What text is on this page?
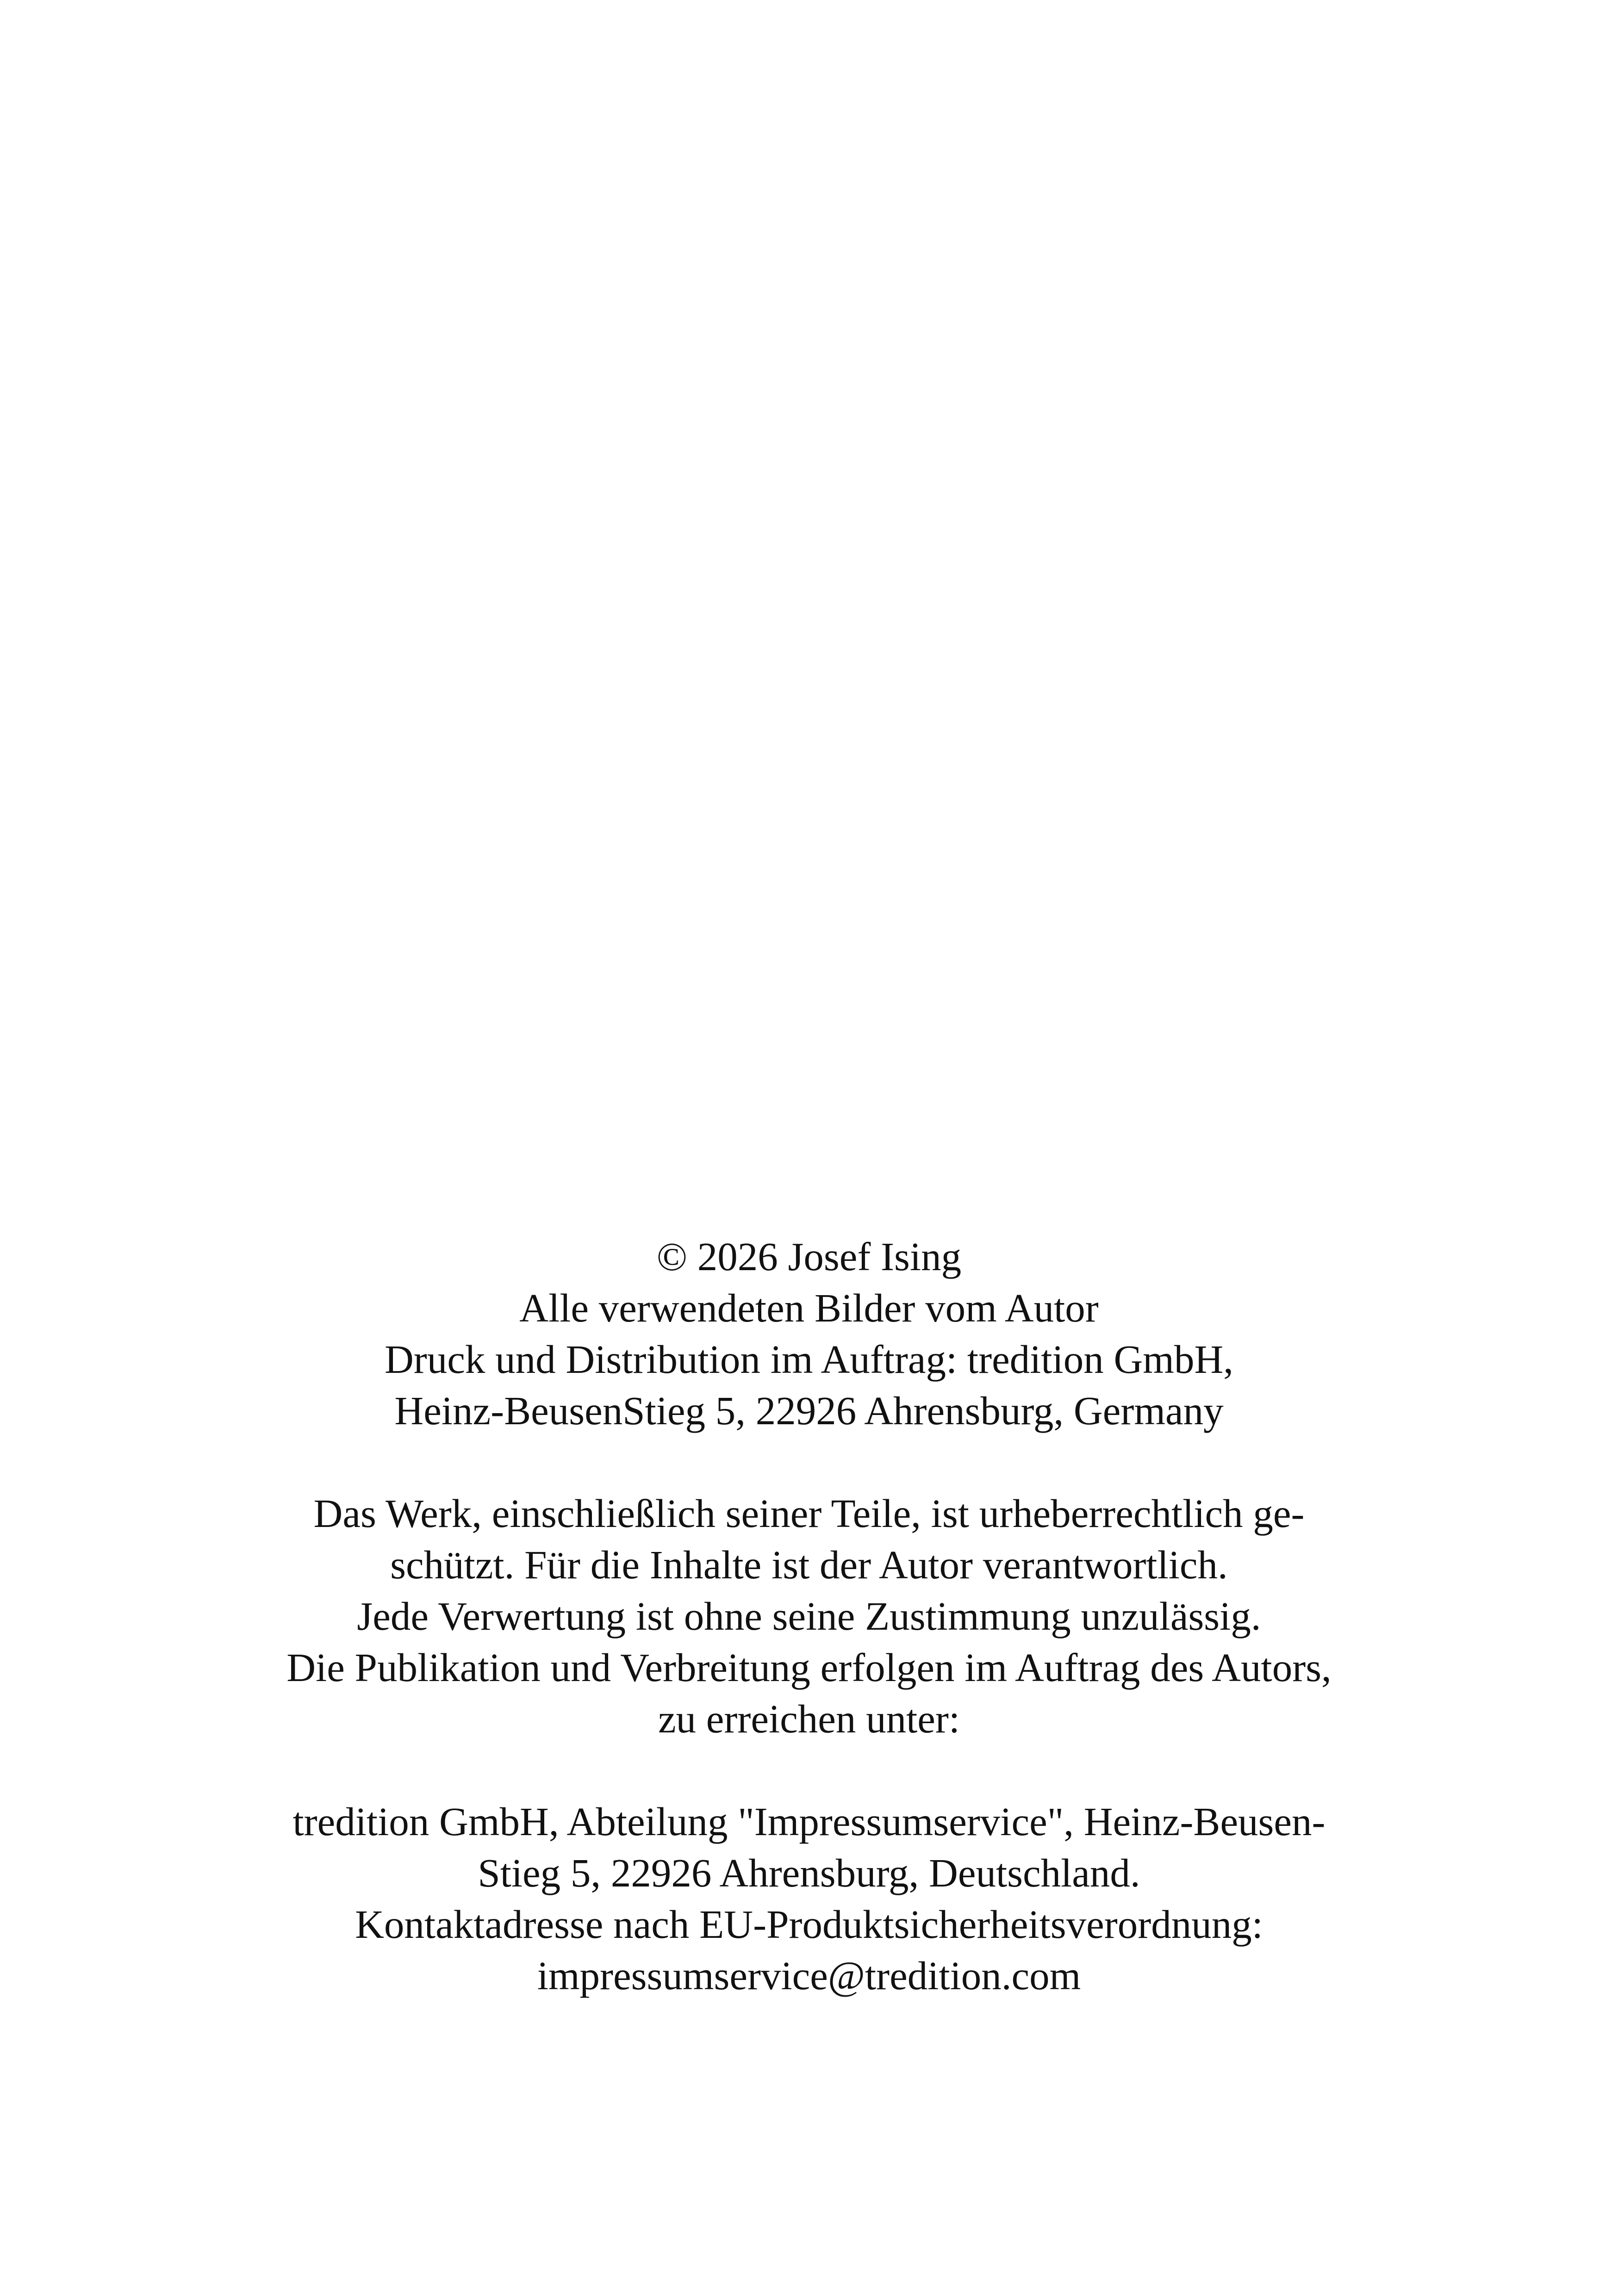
© 2026 Josef Ising
Alle verwendeten Bilder vom Autor
Druck und Distribution im Auftrag: tredition GmbH,
Heinz-BeusenStieg 5, 22926 Ahrensburg, Germany

Das Werk, einschließlich seiner Teile, ist urheberrechtlich ge-
schützt. Für die Inhalte ist der Autor verantwortlich.
Jede Verwertung ist ohne seine Zustimmung unzulässig.
Die Publikation und Verbreitung erfolgen im Auftrag des Autors,
zu erreichen unter:

tredition GmbH, Abteilung "Impressumservice", Heinz-Beusen-
Stieg 5, 22926 Ahrensburg, Deutschland.
Kontaktadresse nach EU-Produktsicherheitsverordnung:
impressumservice@tredition.com
